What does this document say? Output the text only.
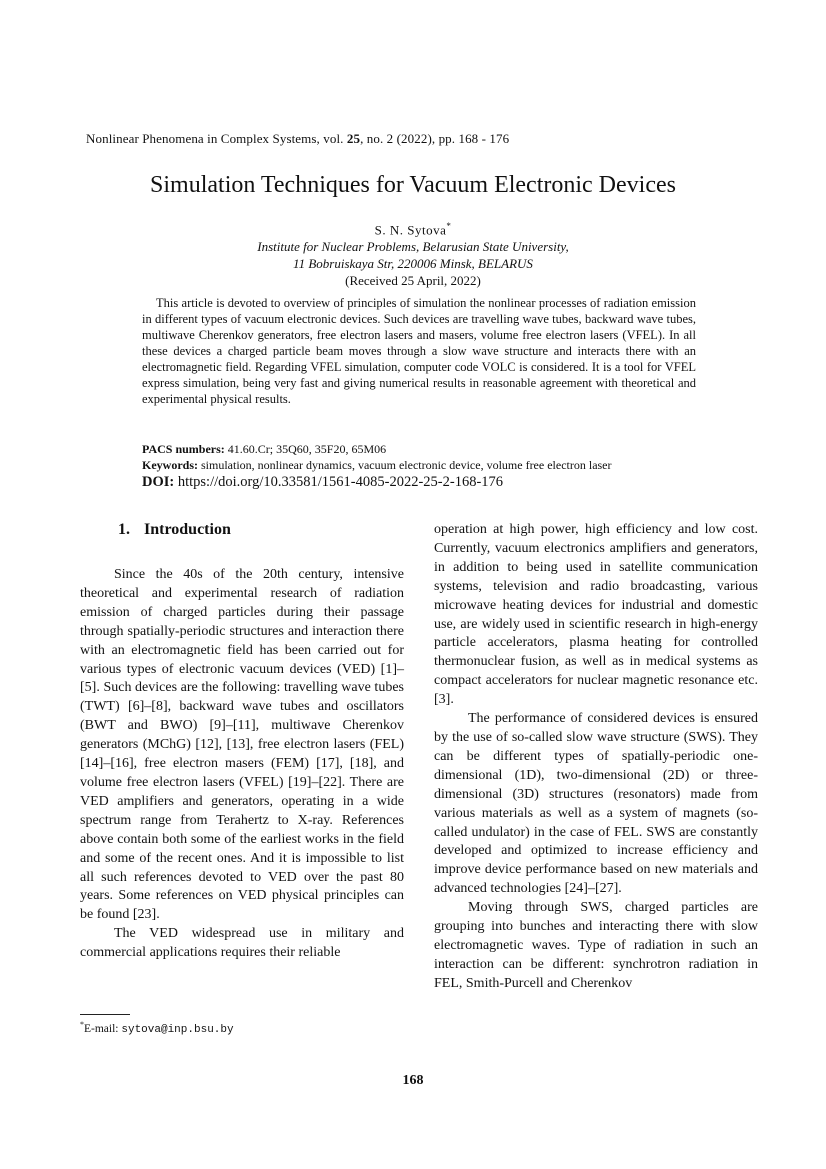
Nonlinear Phenomena in Complex Systems, vol. 25, no. 2 (2022), pp. 168 - 176
Simulation Techniques for Vacuum Electronic Devices
S. N. Sytova*
Institute for Nuclear Problems, Belarusian State University,
11 Bobruiskaya Str, 220006 Minsk, BELARUS
(Received 25 April, 2022)
This article is devoted to overview of principles of simulation the nonlinear processes of radiation emission in different types of vacuum electronic devices. Such devices are travelling wave tubes, backward wave tubes, multiwave Cherenkov generators, free electron lasers and masers, volume free electron lasers (VFEL). In all these devices a charged particle beam moves through a slow wave structure and interacts there with an electromagnetic field. Regarding VFEL simulation, computer code VOLC is considered. It is a tool for VFEL express simulation, being very fast and giving numerical results in reasonable agreement with theoretical and experimental physical results.
PACS numbers: 41.60.Cr; 35Q60, 35F20, 65M06
Keywords: simulation, nonlinear dynamics, vacuum electronic device, volume free electron laser
DOI: https://doi.org/10.33581/1561-4085-2022-25-2-168-176
1. Introduction

Since the 40s of the 20th century, intensive theoretical and experimental research of radiation emission of charged particles during their passage through spatially-periodic structures and interaction there with an electromagnetic field has been carried out for various types of electronic vacuum devices (VED) [1]–[5]. Such devices are the following: travelling wave tubes (TWT) [6]–[8], backward wave tubes and oscillators (BWT and BWO) [9]–[11], multiwave Cherenkov generators (MChG) [12], [13], free electron lasers (FEL) [14]–[16], free electron masers (FEM) [17], [18], and volume free electron lasers (VFEL) [19]–[22]. There are VED amplifiers and generators, operating in a wide spectrum range from Terahertz to X-ray. References above contain both some of the earliest works in the field and some of the recent ones. And it is impossible to list all such references devoted to VED over the past 80 years. Some references on VED physical principles can be found [23].

The VED widespread use in military and commercial applications requires their reliable

operation at high power, high efficiency and low cost. Currently, vacuum electronics amplifiers and generators, in addition to being used in satellite communication systems, television and radio broadcasting, various microwave heating devices for industrial and domestic use, are widely used in scientific research in high-energy particle accelerators, plasma heating for controlled thermonuclear fusion, as well as in medical systems as compact accelerators for nuclear magnetic resonance etc. [3].

The performance of considered devices is ensured by the use of so-called slow wave structure (SWS). They can be different types of spatially-periodic one-dimensional (1D), two-dimensional (2D) or three-dimensional (3D) structures (resonators) made from various materials as well as a system of magnets (so-called undulator) in the case of FEL. SWS are constantly developed and optimized to increase efficiency and improve device performance based on new materials and advanced technologies [24]–[27].

Moving through SWS, charged particles are grouping into bunches and interacting there with slow electromagnetic waves. Type of radiation in such an interaction can be different: synchrotron radiation in FEL, Smith-Purcell and Cherenkov

*E-mail: sytova@inp.bsu.by
168
